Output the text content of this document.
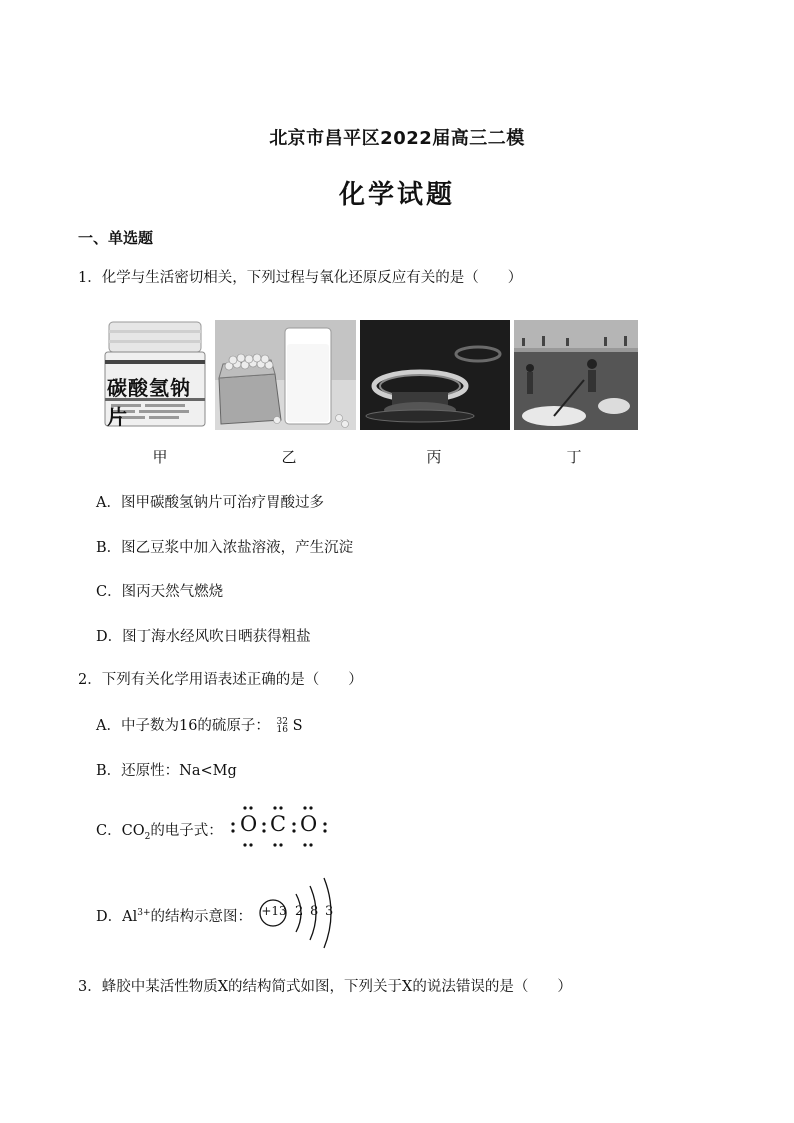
北京市昌平区2022届高三二模
化学试题
一、单选题
1．化学与生活密切相关，下列过程与氧化还原反应有关的是（　　）
碳酸氢钠片
甲	乙	丙	丁
A．图甲碳酸氢钠片可治疗胃酸过多
B．图乙豆浆中加入浓盐溶液，产生沉淀
C．图丙天然气燃烧
D．图丁海水经风吹日晒获得粗盐
2．下列有关化学用语表述正确的是（　　）
A．中子数为16的硫原子： 32
16 S
B．还原性：Na<Mg
C．$CO_2$的电子式： O C O
D．$Al^{3+}$的结构示意图： +13 2 8 3
3．蜂胶中某活性物质X的结构简式如图，下列关于X的说法错误的是（　　）
